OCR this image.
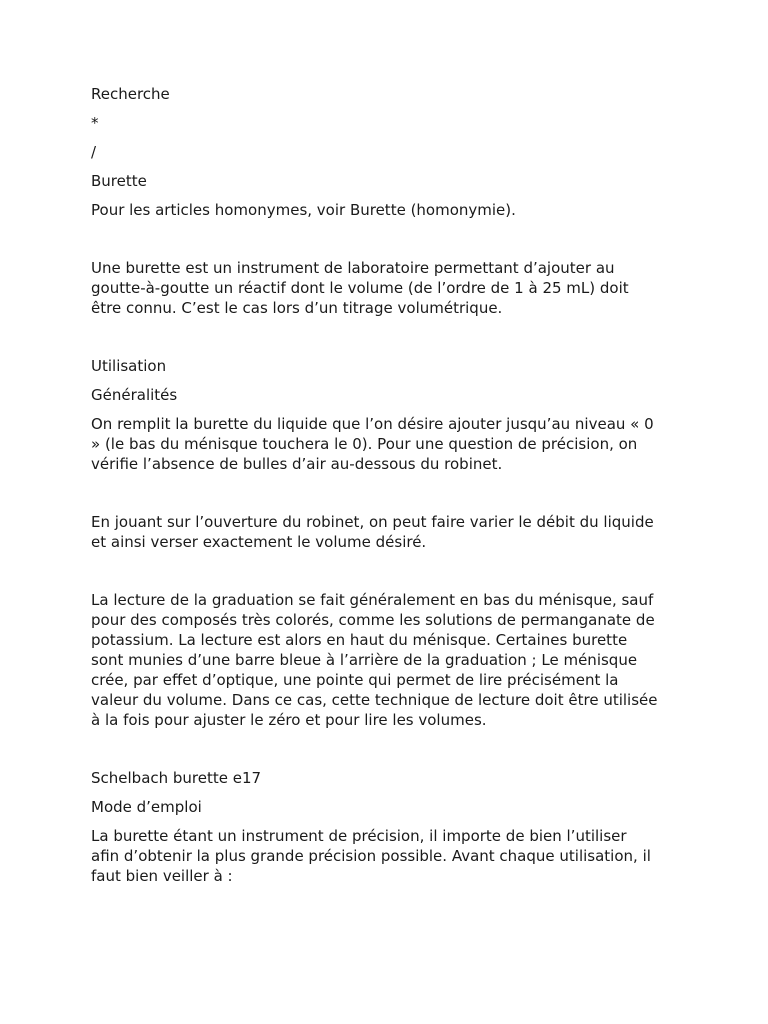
Recherche

*

/

Burette

Pour les articles homonymes, voir Burette (homonymie).

Une burette est un instrument de laboratoire permettant d’ajouter au

goutte-à-goutte un réactif dont le volume (de l’ordre de 1 à 25 mL) doit

être connu. C’est le cas lors d’un titrage volumétrique.

Utilisation

Généralités

On remplit la burette du liquide que l’on désire ajouter jusqu’au niveau « 0

» (le bas du ménisque touchera le 0). Pour une question de précision, on

vérifie l’absence de bulles d’air au-dessous du robinet.

En jouant sur l’ouverture du robinet, on peut faire varier le débit du liquide

et ainsi verser exactement le volume désiré.

La lecture de la graduation se fait généralement en bas du ménisque, sauf

pour des composés très colorés, comme les solutions de permanganate de

potassium. La lecture est alors en haut du ménisque. Certaines burette

sont munies d’une barre bleue à l’arrière de la graduation ; Le ménisque

crée, par effet d’optique, une pointe qui permet de lire précisément la

valeur du volume. Dans ce cas, cette technique de lecture doit être utilisée

à la fois pour ajuster le zéro et pour lire les volumes.

Schelbach burette e17

Mode d’emploi

La burette étant un instrument de précision, il importe de bien l’utiliser

afin d’obtenir la plus grande précision possible. Avant chaque utilisation, il

faut bien veiller à :
